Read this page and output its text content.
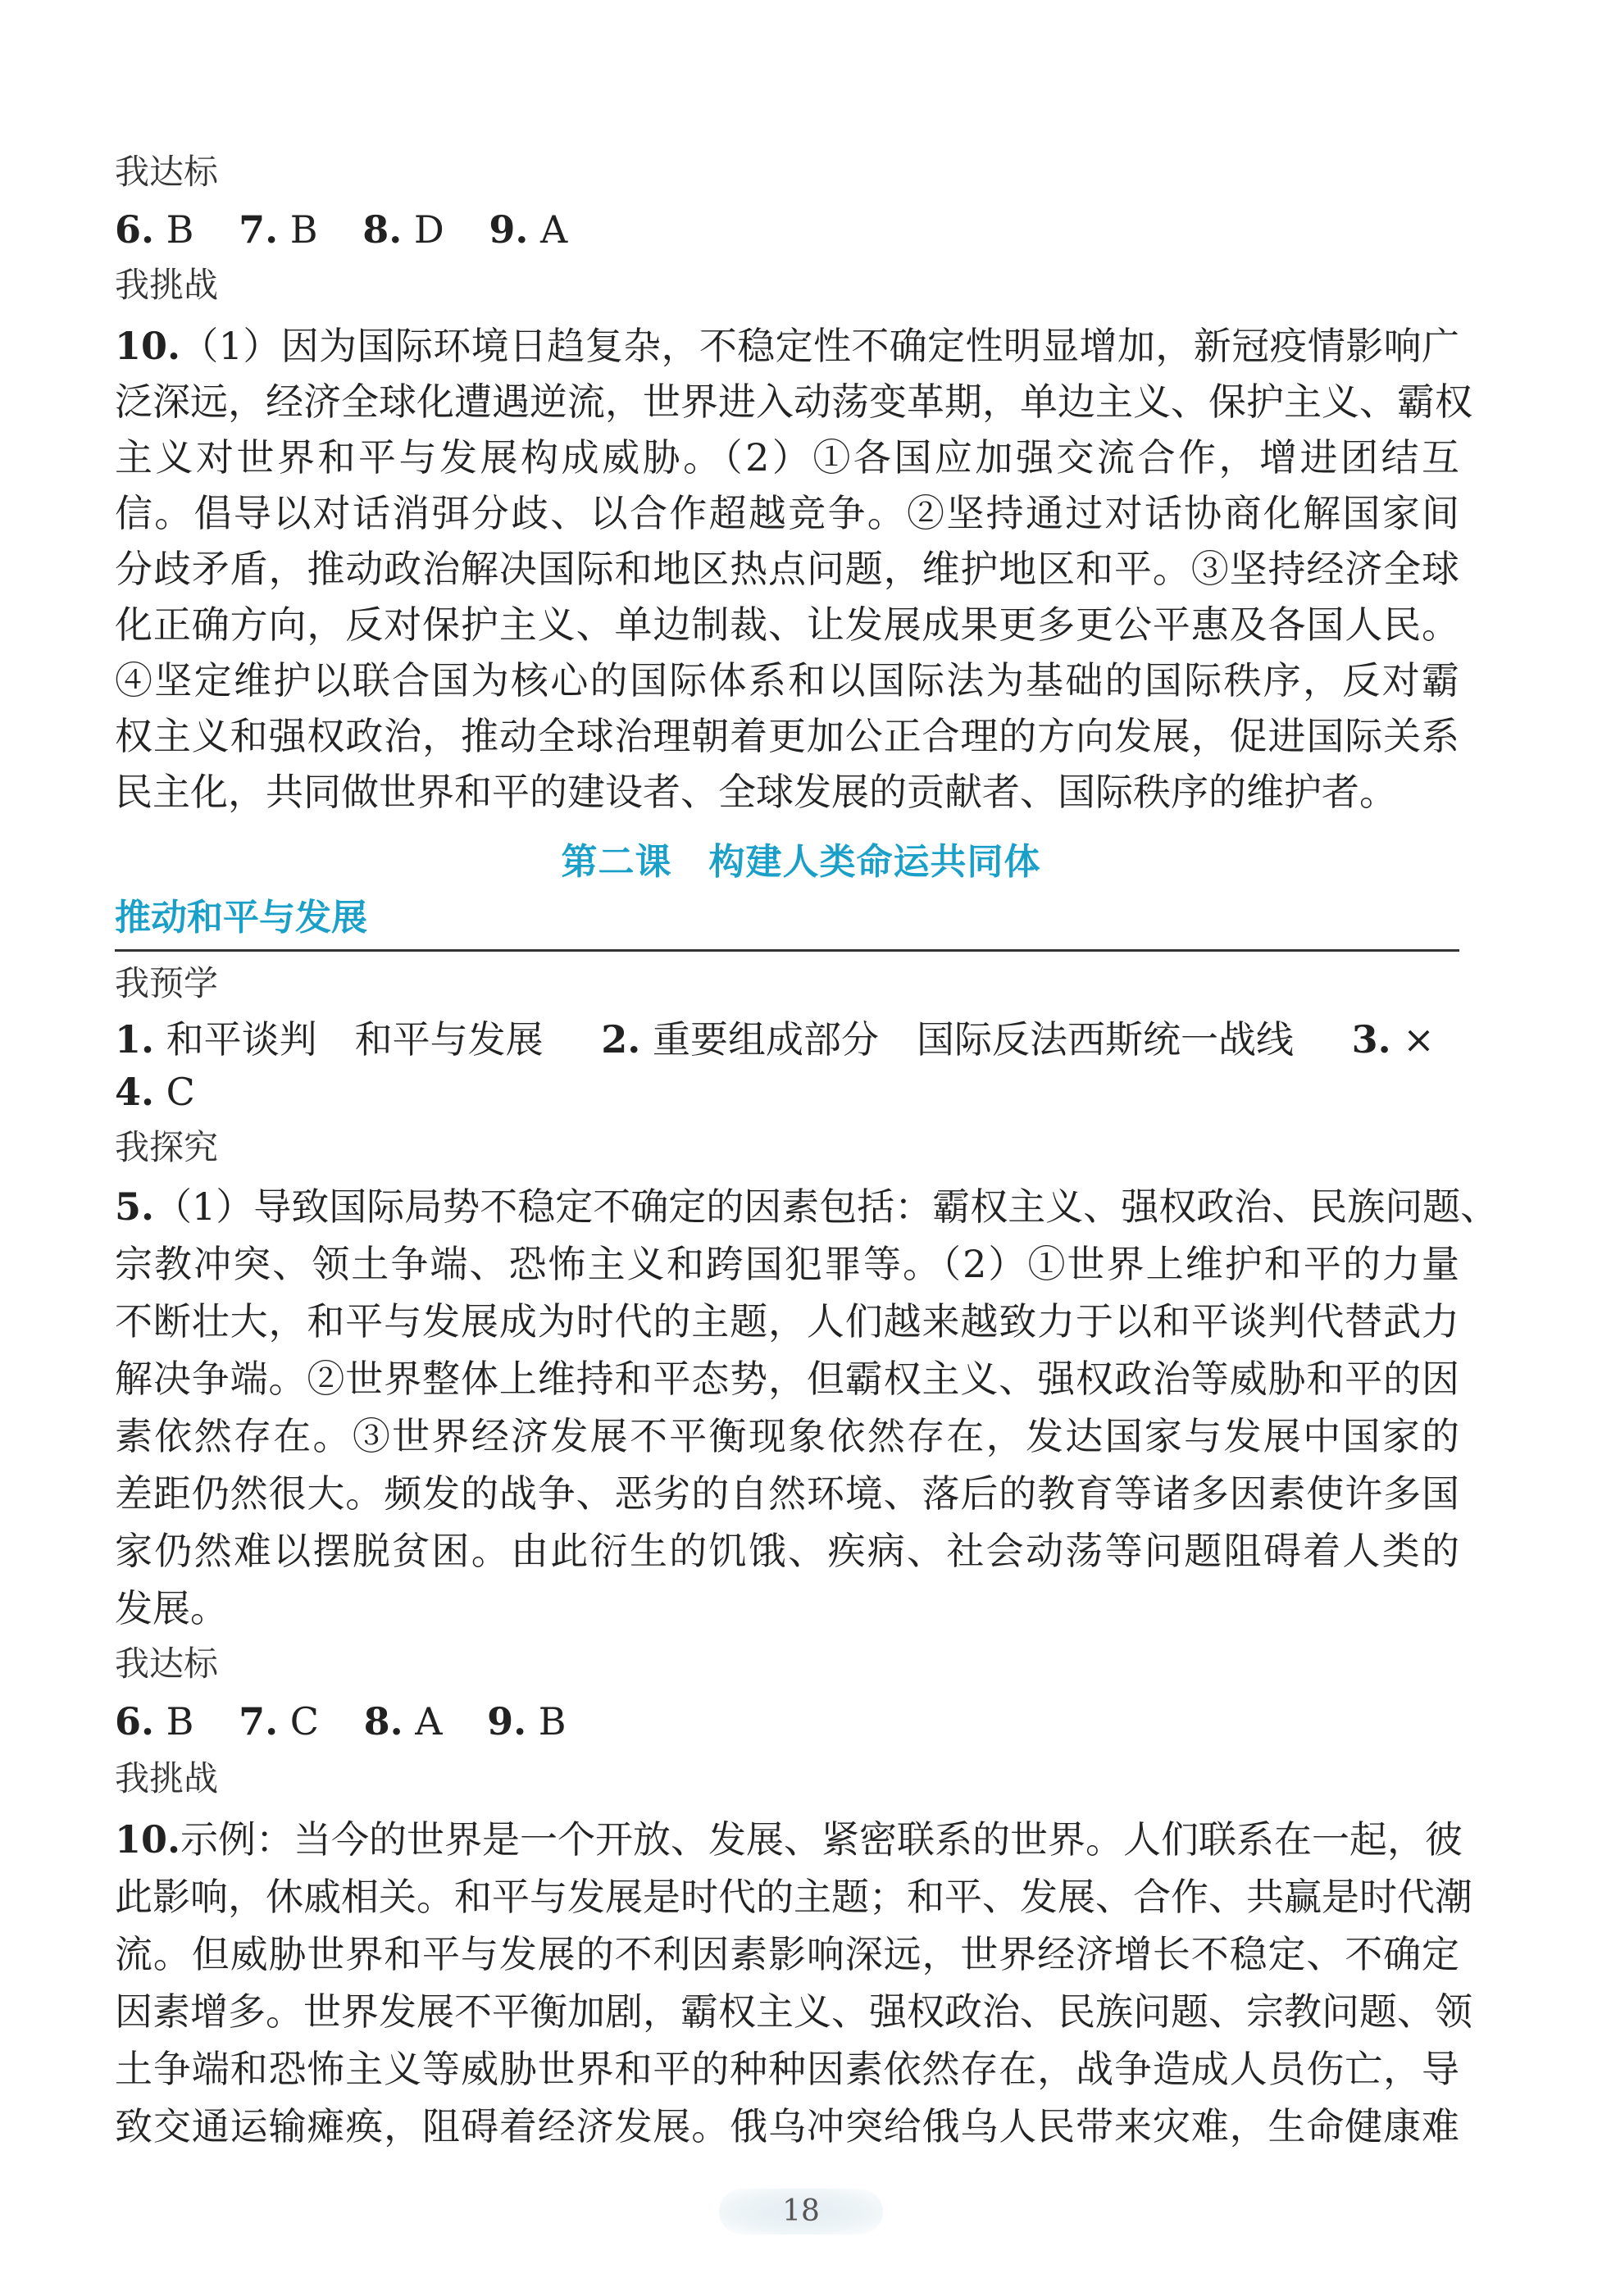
我达标
6. B 7. B 8. D 9. A
我挑战
10.（1）因为国际环境日趋复杂，不稳定性不确定性明显增加，新冠疫情影响广
泛深远，经济全球化遭遇逆流，世界进入动荡变革期，单边主义、保护主义、霸权
主义对世界和平与发展构成威胁。（2）①各国应加强交流合作，增进团结互
信。倡导以对话消弭分歧、以合作超越竞争。②坚持通过对话协商化解国家间
分歧矛盾，推动政治解决国际和地区热点问题，维护地区和平。③坚持经济全球
化正确方向，反对保护主义、单边制裁、让发展成果更多更公平惠及各国人民。
④坚定维护以联合国为核心的国际体系和以国际法为基础的国际秩序，反对霸
权主义和强权政治，推动全球治理朝着更加公正合理的方向发展，促进国际关系
民主化，共同做世界和平的建设者、全球发展的贡献者、国际秩序的维护者。
第二课　构建人类命运共同体
推动和平与发展
我预学
1. 和平谈判　和平与发展 2. 重要组成部分　国际反法西斯统一战线 3. ×
4. C
我探究
5.（1）导致国际局势不稳定不确定的因素包括：霸权主义、强权政治、民族问题、
宗教冲突、领土争端、恐怖主义和跨国犯罪等。（2）①世界上维护和平的力量
不断壮大，和平与发展成为时代的主题，人们越来越致力于以和平谈判代替武力
解决争端。②世界整体上维持和平态势，但霸权主义、强权政治等威胁和平的因
素依然存在。③世界经济发展不平衡现象依然存在，发达国家与发展中国家的
差距仍然很大。频发的战争、恶劣的自然环境、落后的教育等诸多因素使许多国
家仍然难以摆脱贫困。由此衍生的饥饿、疾病、社会动荡等问题阻碍着人类的
发展。
我达标
6. B 7. C 8. A 9. B
我挑战
10.示例：当今的世界是一个开放、发展、紧密联系的世界。人们联系在一起，彼
此影响，休戚相关。和平与发展是时代的主题；和平、发展、合作、共赢是时代潮
流。但威胁世界和平与发展的不利因素影响深远，世界经济增长不稳定、不确定
因素增多。世界发展不平衡加剧，霸权主义、强权政治、民族问题、宗教问题、领
土争端和恐怖主义等威胁世界和平的种种因素依然存在，战争造成人员伤亡，导
致交通运输瘫痪，阻碍着经济发展。俄乌冲突给俄乌人民带来灾难，生命健康难
18
